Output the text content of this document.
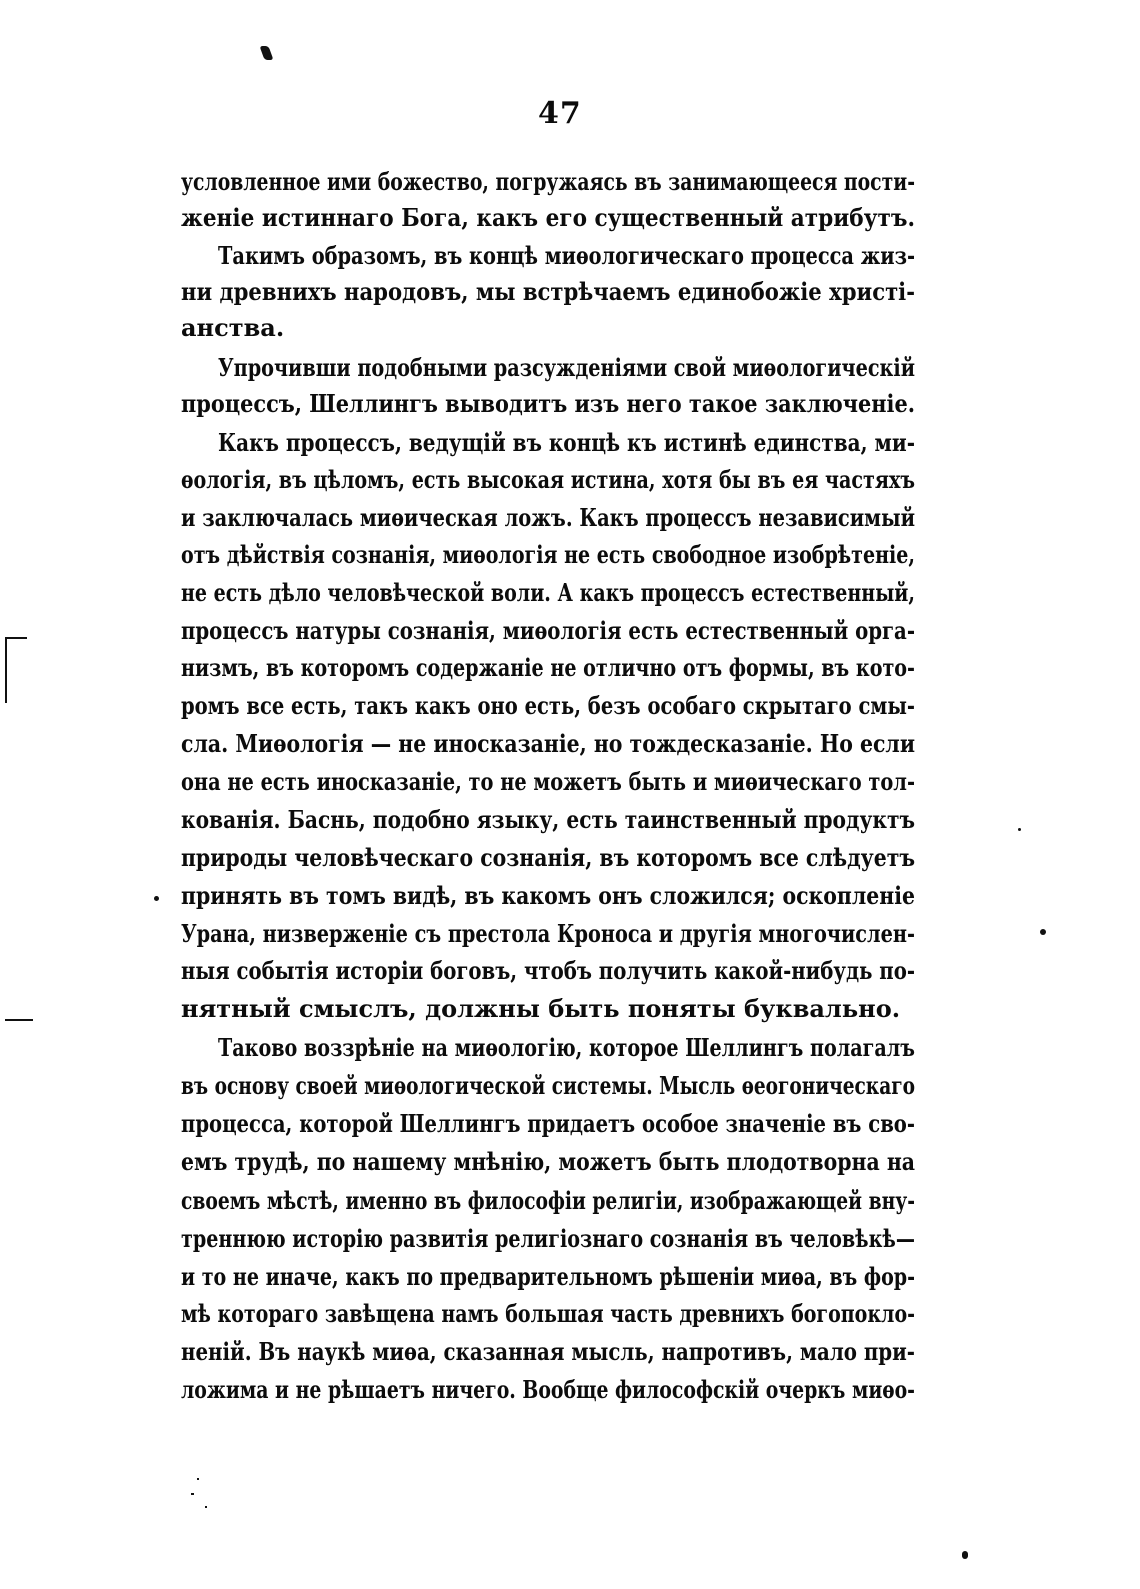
47
условленное ими божество, погружаясь въ занимающееся пости-
женіе истиннаго Бога, какъ его существенный атрибутъ.
Такимъ образомъ, въ концѣ миѳологическаго процесса жиз-
ни древнихъ народовъ, мы встрѣчаемъ единобожіе христі-
анства.
Упрочивши подобными разсужденіями свой миѳологическій
процессъ, Шеллингъ выводитъ изъ него такое заключеніе.
Какъ процессъ, ведущій въ концѣ къ истинѣ единства, ми-
ѳологія, въ цѣломъ, есть высокая истина, хотя бы въ ея частяхъ
и заключалась миѳическая ложъ. Какъ процессъ независимый
отъ дѣйствія сознанія, миѳологія не есть свободное изобрѣтеніе,
не есть дѣло человѣческой воли. А какъ процессъ естественный,
процессъ натуры сознанія, миѳологія есть естественный орга-
низмъ, въ которомъ содержаніе не отлично отъ формы, въ кото-
ромъ все есть, такъ какъ оно есть, безъ особаго скрытаго смы-
сла. Миѳологія — не иносказаніе, но тождесказаніе. Но если
она не есть иносказаніе, то не можетъ быть и миѳическаго тол-
кованія. Баснь, подобно языку, есть таинственный продуктъ
природы человѣческаго сознанія, въ которомъ все слѣдуетъ
принять въ томъ видѣ, въ какомъ онъ сложился; оскопленіе
Урана, низверженіе съ престола Кроноса и другія многочислен-
ныя событія исторіи боговъ, чтобъ получить какой-нибудь по-
нятный смыслъ, должны быть поняты буквально.
Таково воззрѣніе на миѳологію, которое Шеллингъ полагалъ
въ основу своей миѳологической системы. Мысль ѳеогоническаго
процесса, которой Шеллингъ придаетъ особое значеніе въ сво-
емъ трудѣ, по нашему мнѣнію, можетъ быть плодотворна на
своемъ мѣстѣ, именно въ философіи религіи, изображающей вну-
треннюю исторію развитія религіознаго сознанія въ человѣкѣ—
и то не иначе, какъ по предварительномъ рѣшеніи миѳа, въ фор-
мѣ котораго завѣщена намъ большая часть древнихъ богопокло-
неній. Въ наукѣ миѳа, сказанная мысль, напротивъ, мало при-
ложима и не рѣшаетъ ничего. Вообще философскій очеркъ миѳо-
